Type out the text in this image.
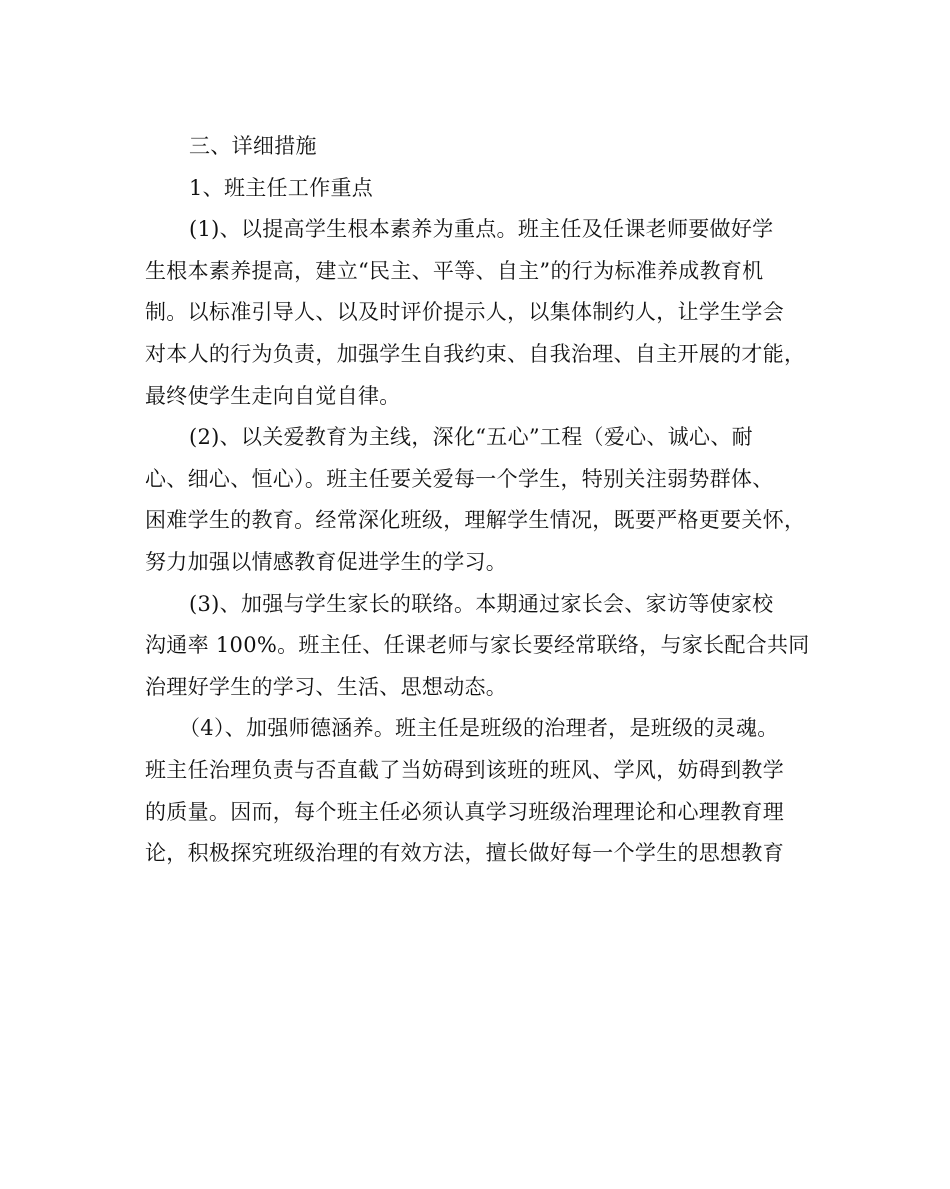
三、详细措施
1、班主任工作重点
(1)、以提高学生根本素养为重点。班主任及任课老师要做好学
生根本素养提高，建立“民主、平等、自主”的行为标准养成教育机
制。以标准引导人、以及时评价提示人，以集体制约人，让学生学会
对本人的行为负责，加强学生自我约束、自我治理、自主开展的才能，
最终使学生走向自觉自律。
(2)、以关爱教育为主线，深化“五心”工程（爱心、诚心、耐
心、细心、恒心）。班主任要关爱每一个学生，特别关注弱势群体、
困难学生的教育。经常深化班级，理解学生情况，既要严格更要关怀，
努力加强以情感教育促进学生的学习。
(3)、加强与学生家长的联络。本期通过家长会、家访等使家校
沟通率 100%。班主任、任课老师与家长要经常联络，与家长配合共同
治理好学生的学习、生活、思想动态。
（4）、加强师德涵养。班主任是班级的治理者，是班级的灵魂。
班主任治理负责与否直截了当妨碍到该班的班风、学风，妨碍到教学
的质量。因而，每个班主任必须认真学习班级治理理论和心理教育理
论，积极探究班级治理的有效方法，擅长做好每一个学生的思想教育
